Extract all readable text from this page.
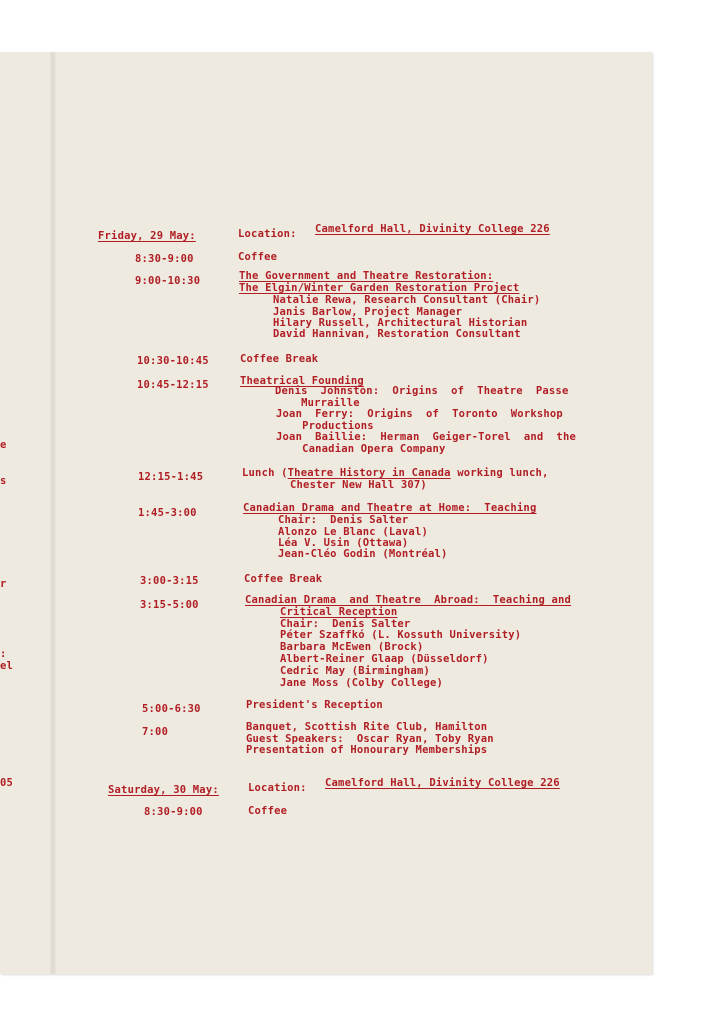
e
s
r
:
el
05
Friday, 29 May:	Location: Camelford Hall, Divinity College 226
8:30-9:00	Coffee
9:00-10:30	The Government and Theatre Restoration:
The Elgin/Winter Garden Restoration Project
Natalie Rewa, Research Consultant (Chair)
Janis Barlow, Project Manager
Hilary Russell, Architectural Historian
David Hannivan, Restoration Consultant
10:30-10:45	Coffee Break
10:45-12:15	Theatrical Founding
Denis  Johnston:  Origins  of  Theatre  Passe
Murraille
Joan  Ferry:  Origins  of  Toronto  Workshop
Productions
Joan  Baillie:  Herman  Geiger-Torel  and  the
Canadian Opera Company
12:15-1:45	Lunch (Theatre History in Canada working lunch,
Chester New Hall 307)
1:45-3:00	Canadian Drama and Theatre at Home:  Teaching
Chair:  Denis Salter
Alonzo Le Blanc (Laval)
Léa V. Usin (Ottawa)
Jean-Cléo Godin (Montréal)
3:00-3:15	Coffee Break
3:15-5:00	Canadian Drama  and Theatre  Abroad:  Teaching and
Critical Reception
Chair:  Denis Salter
Péter Szaffkó (L. Kossuth University)
Barbara McEwen (Brock)
Albert-Reiner Glaap (Düsseldorf)
Cedric May (Birmingham)
Jane Moss (Colby College)
5:00-6:30	President's Reception
7:00	Banquet, Scottish Rite Club, Hamilton
Guest Speakers:  Oscar Ryan, Toby Ryan
Presentation of Honourary Memberships
Saturday, 30 May:	Location: Camelford Hall, Divinity College 226
8:30-9:00	Coffee
